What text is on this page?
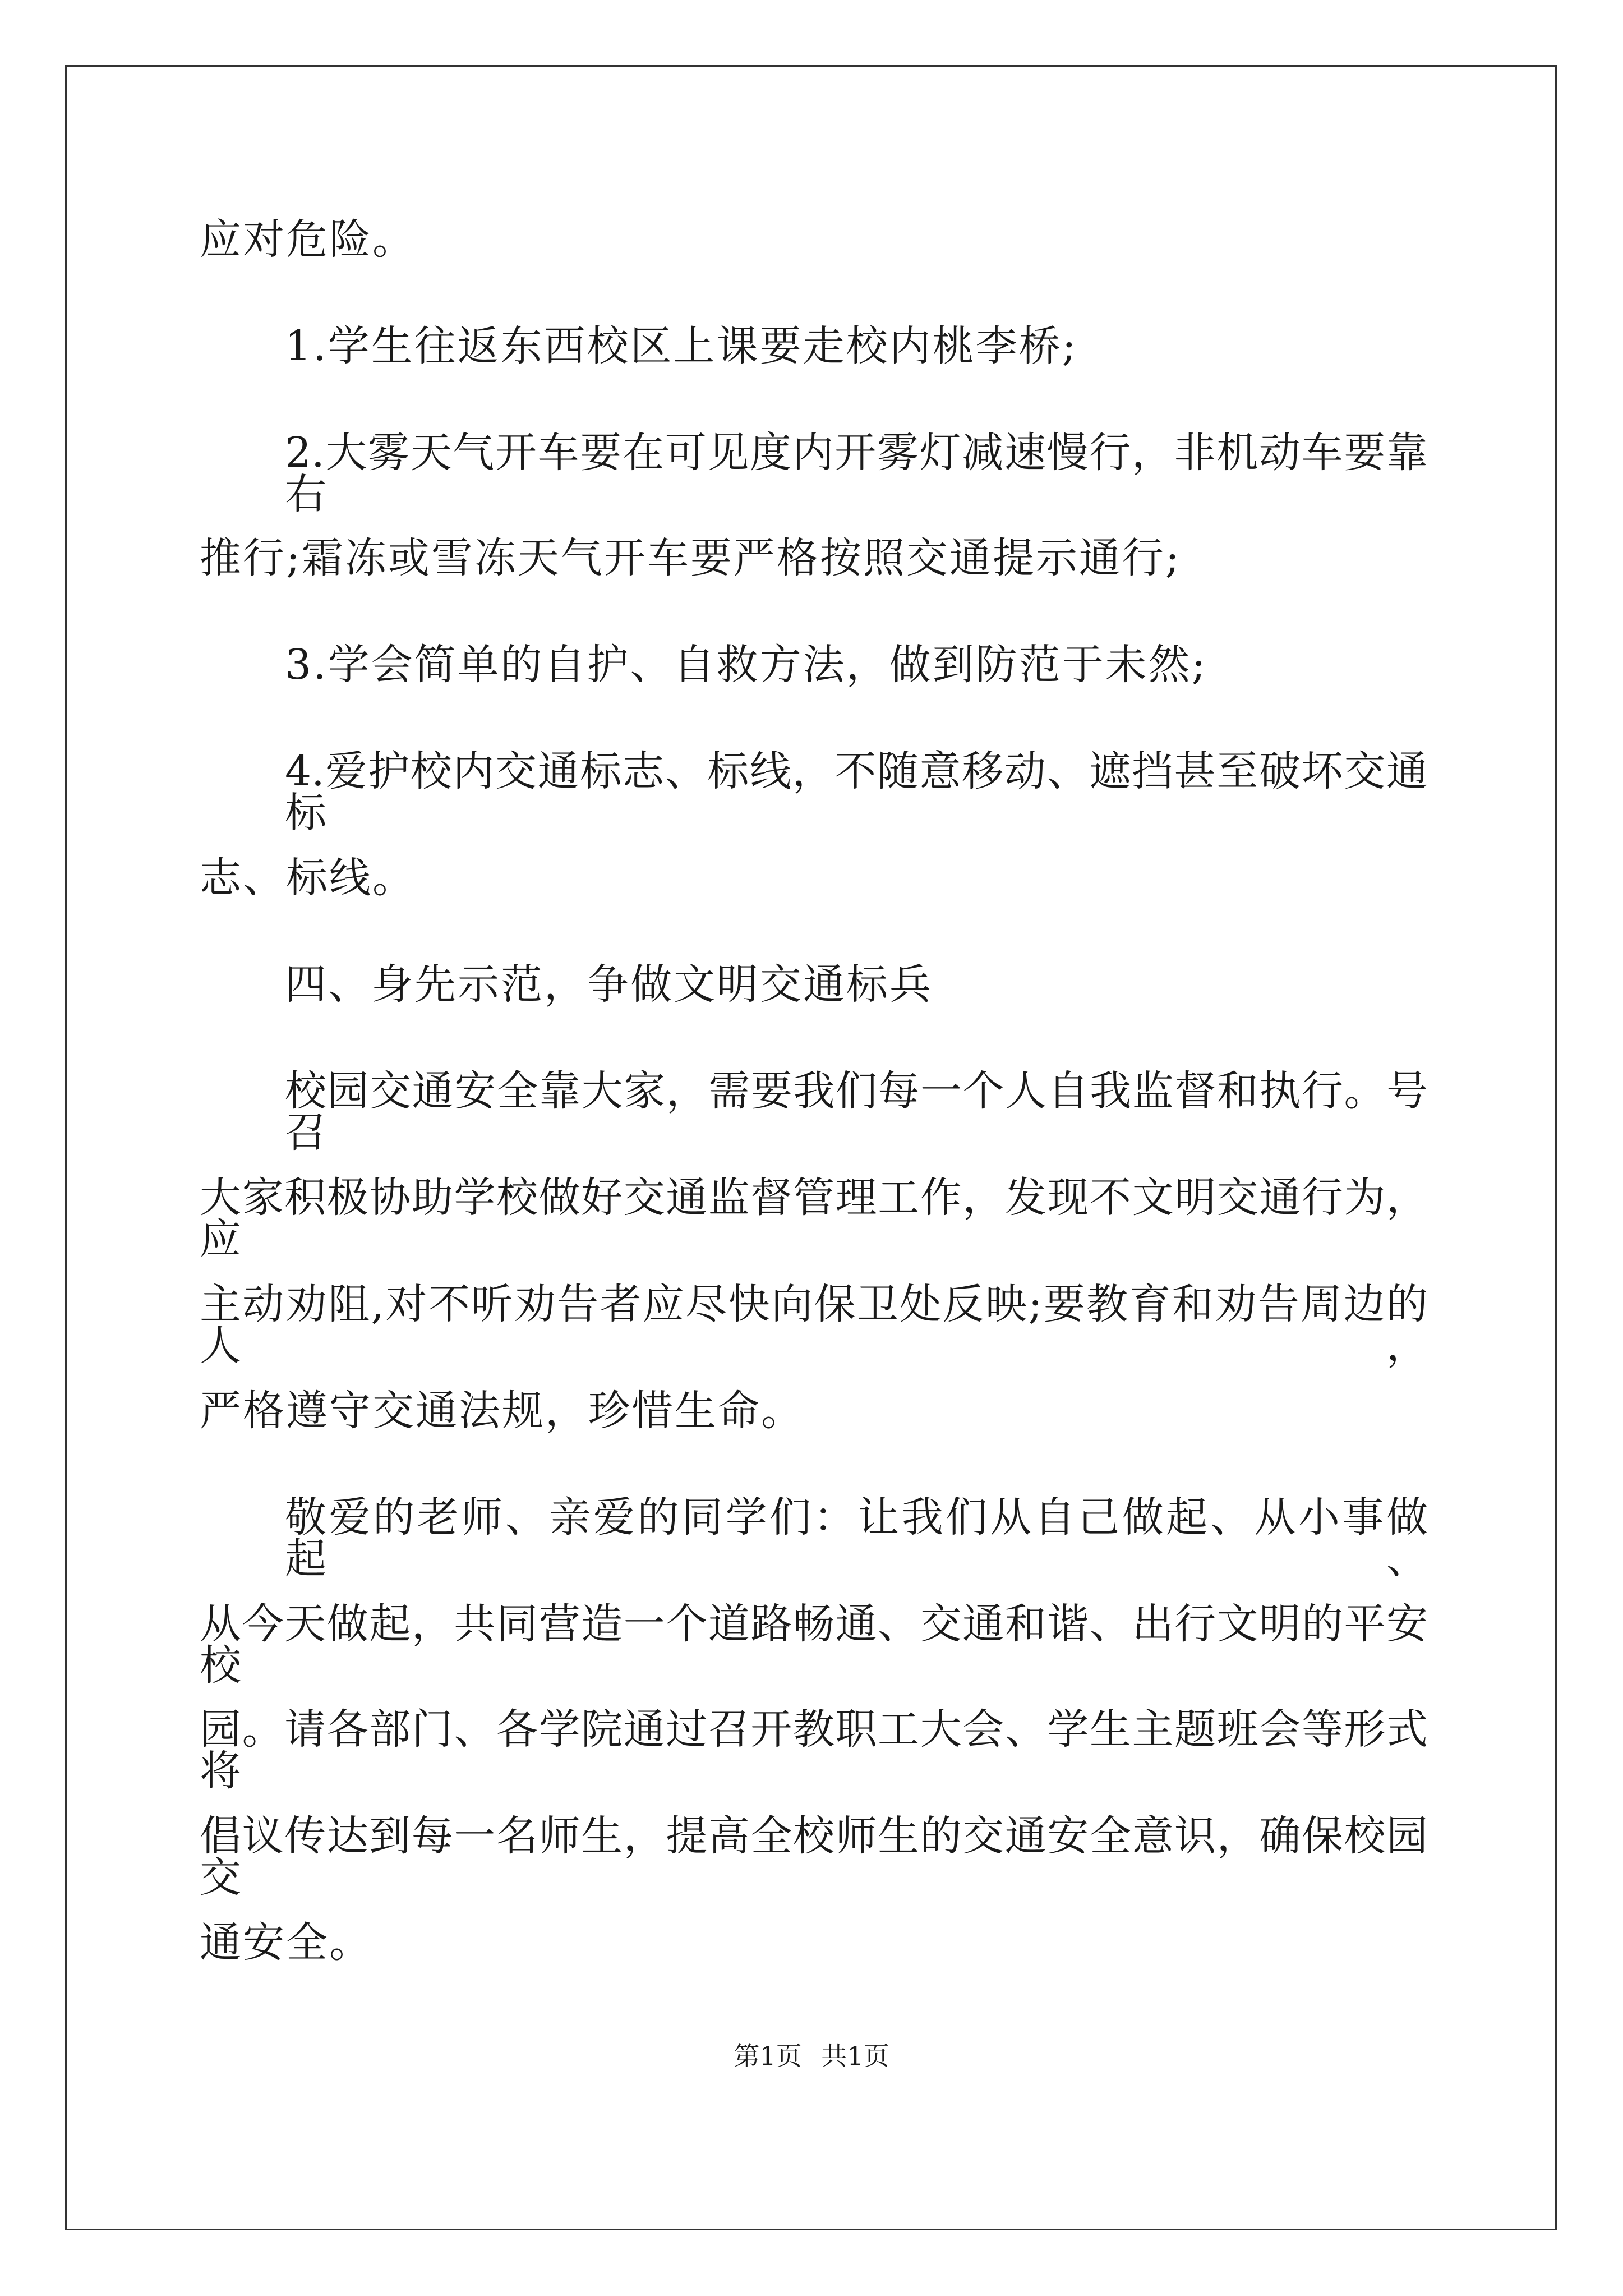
应对危险。
1.学生往返东西校区上课要走校内桃李桥;
2.大雾天气开车要在可见度内开雾灯减速慢行，非机动车要靠右
推行;霜冻或雪冻天气开车要严格按照交通提示通行;
3.学会简单的自护、自救方法，做到防范于未然;
4.爱护校内交通标志、标线，不随意移动、遮挡甚至破坏交通标
志、标线。
四、身先示范，争做文明交通标兵
校园交通安全靠大家，需要我们每一个人自我监督和执行。号召
大家积极协助学校做好交通监督管理工作，发现不文明交通行为，应
主动劝阻,对不听劝告者应尽快向保卫处反映;要教育和劝告周边的人，
严格遵守交通法规，珍惜生命。
敬爱的老师、亲爱的同学们：让我们从自己做起、从小事做起、
从今天做起，共同营造一个道路畅通、交通和谐、出行文明的平安校
园。请各部门、各学院通过召开教职工大会、学生主题班会等形式将
倡议传达到每一名师生，提高全校师生的交通安全意识，确保校园交
通安全。
第1页 共1页
